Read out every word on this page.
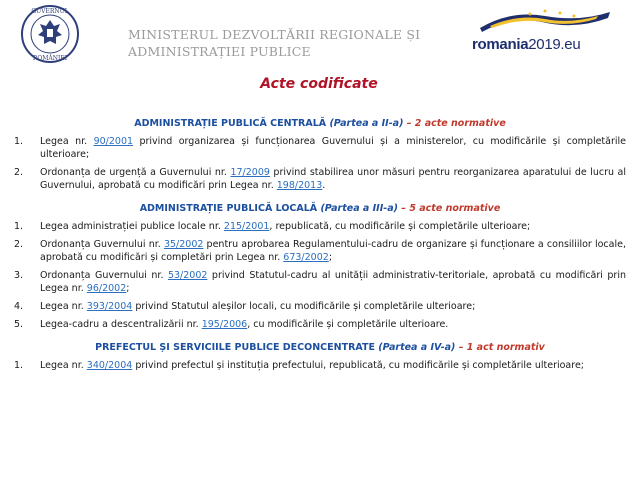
GUVERNUL
ROMÂNIEI
MINISTERUL DEZVOLTĂRII REGIONALE ȘI
ADMINISTRAȚIEI PUBLICE	romania2019.eu
Acte codificate
ADMINISTRAȚIE PUBLICĂ CENTRALĂ (Partea a II-a) – 2 acte normative
1. Legea nr. 90/2001 privind organizarea și funcționarea Guvernului și a ministerelor, cu modificările și completările ulterioare;
2. Ordonanța de urgență a Guvernului nr. 17/2009 privind stabilirea unor măsuri pentru reorganizarea aparatului de lucru al Guvernului, aprobată cu modificări prin Legea nr. 198/2013.
ADMINISTRAȚIE PUBLICĂ LOCALĂ (Partea a III-a) – 5 acte normative
1. Legea administrației publice locale nr. 215/2001, republicată, cu modificările și completările ulterioare;
2. Ordonanța Guvernului nr. 35/2002 pentru aprobarea Regulamentului-cadru de organizare și funcționare a consiliilor locale, aprobată cu modificări și completări prin Legea nr. 673/2002;
3. Ordonanța Guvernului nr. 53/2002 privind Statutul-cadru al unității administrativ-teritoriale, aprobată cu modificări prin Legea nr. 96/2002;
4. Legea nr. 393/2004 privind Statutul aleșilor locali, cu modificările și completările ulterioare;
5. Legea-cadru a descentralizării nr. 195/2006, cu modificările și completările ulterioare.
PREFECTUL ȘI SERVICIILE PUBLICE DECONCENTRATE (Partea a IV-a) – 1 act normativ
1. Legea nr. 340/2004 privind prefectul și instituția prefectului, republicată, cu modificările și completările ulterioare;
